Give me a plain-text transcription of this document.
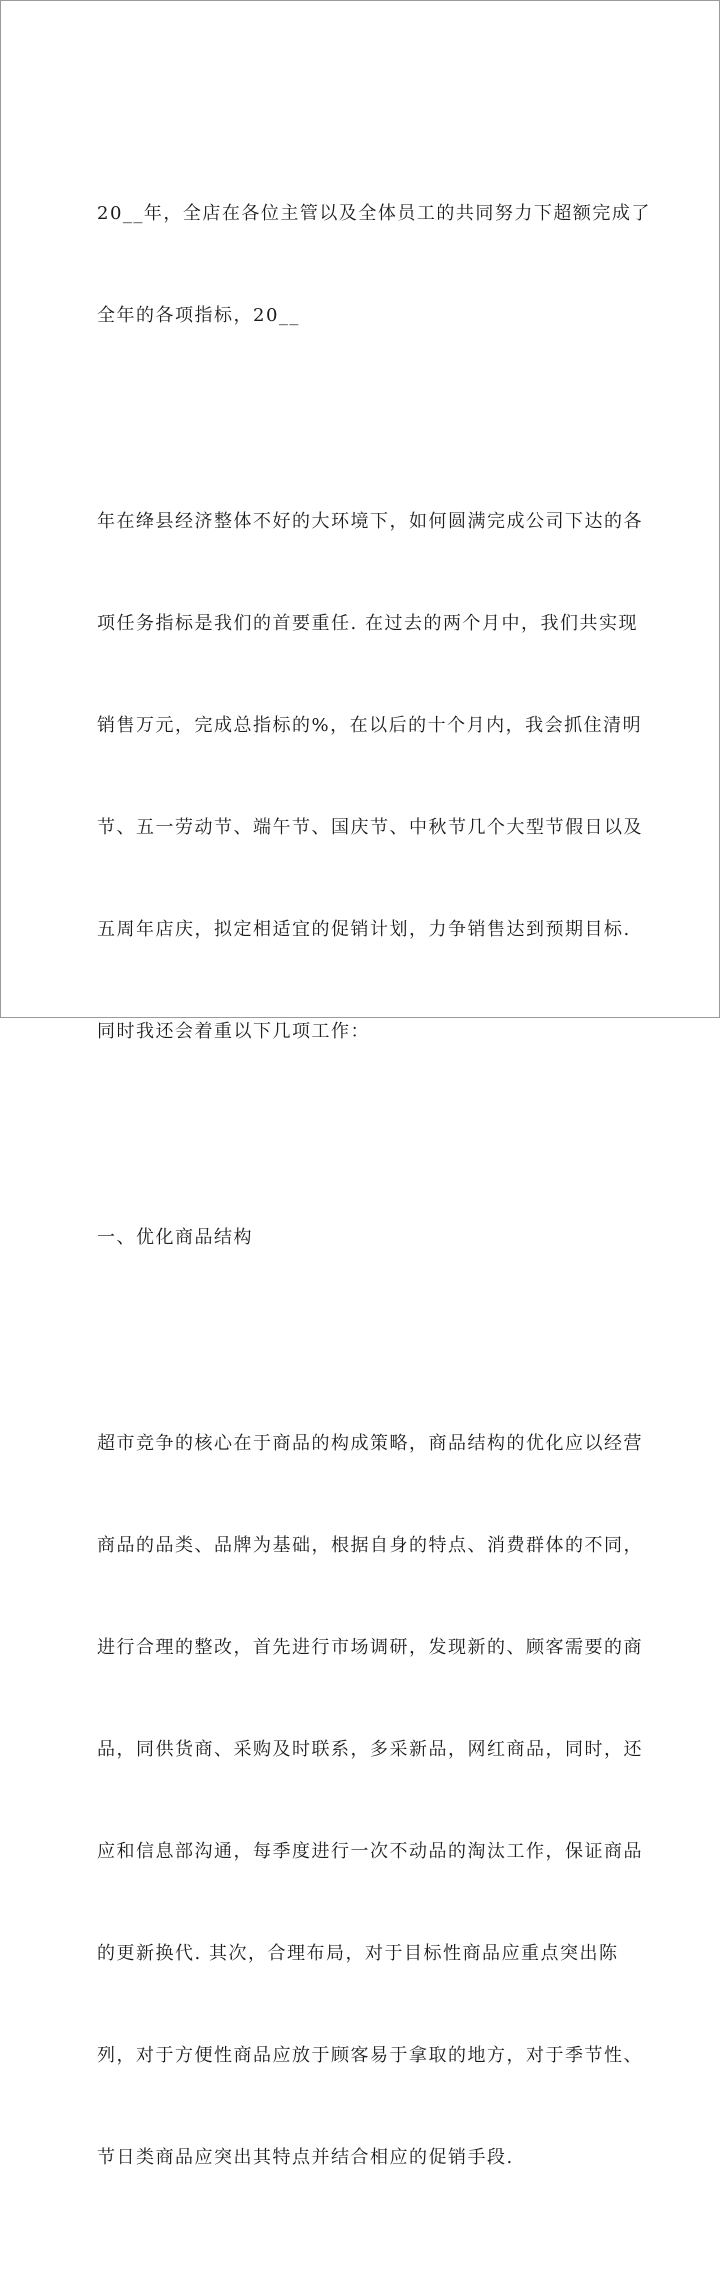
20__年，全店在各位主管以及全体员工的共同努力下超额完成了

全年的各项指标，20__

年在绛县经济整体不好的大环境下，如何圆满完成公司下达的各

项任务指标是我们的首要重任. 在过去的两个月中，我们共实现

销售万元，完成总指标的%，在以后的十个月内，我会抓住清明

节、五一劳动节、端午节、国庆节、中秋节几个大型节假日以及

五周年店庆，拟定相适宜的促销计划，力争销售达到预期目标.

同时我还会着重以下几项工作：

一、优化商品结构

超市竞争的核心在于商品的构成策略，商品结构的优化应以经营

商品的品类、品牌为基础，根据自身的特点、消费群体的不同，

进行合理的整改，首先进行市场调研，发现新的、顾客需要的商

品，同供货商、采购及时联系，多采新品，网红商品，同时，还

应和信息部沟通，每季度进行一次不动品的淘汰工作，保证商品

的更新换代. 其次，合理布局，对于目标性商品应重点突出陈

列，对于方便性商品应放于顾客易于拿取的地方，对于季节性、

节日类商品应突出其特点并结合相应的促销手段.
